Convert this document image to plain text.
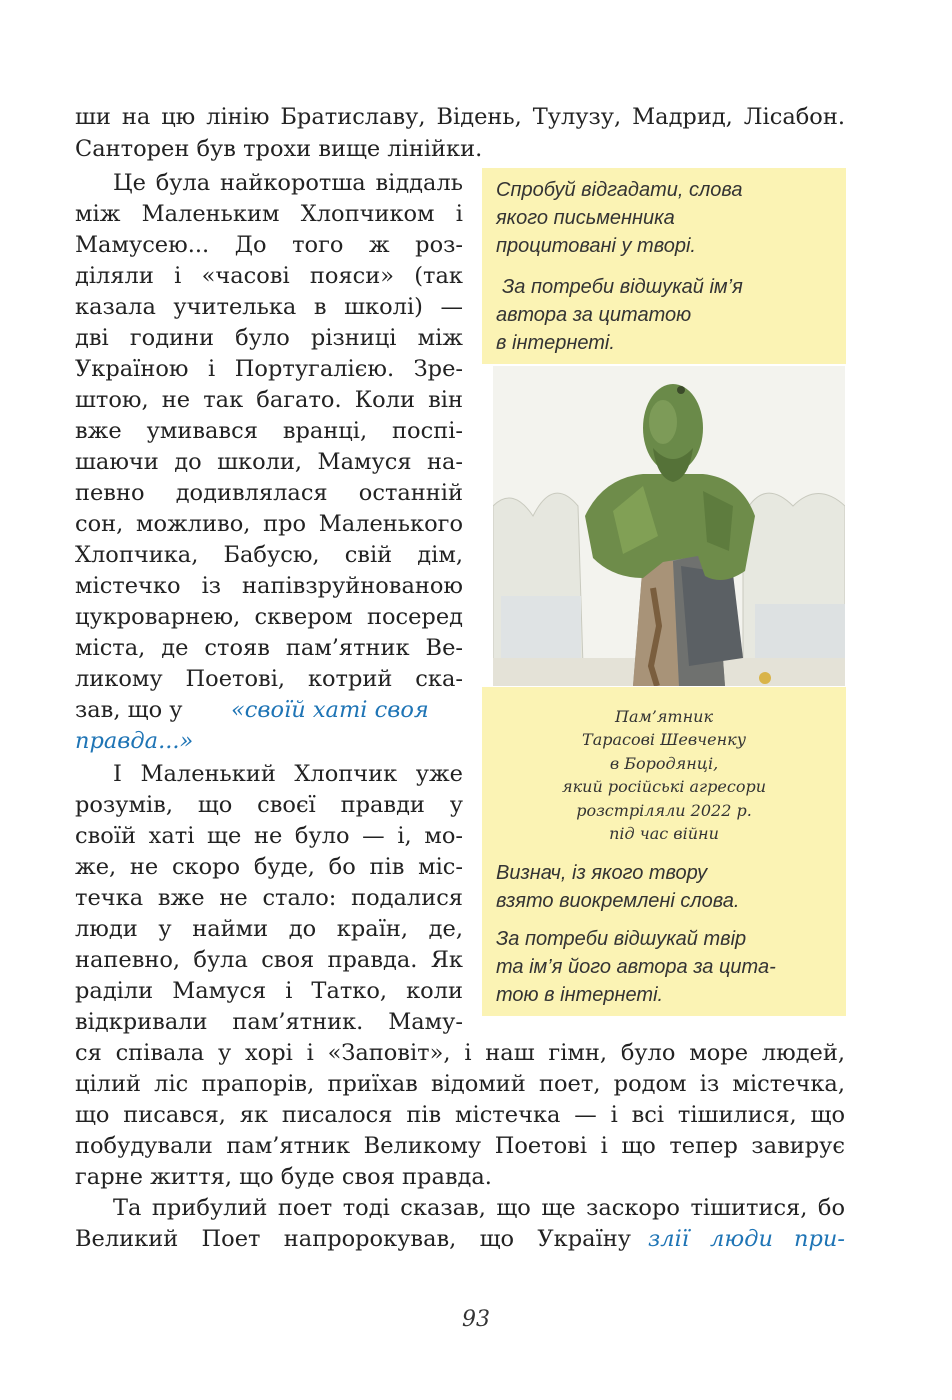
ши на цю лінію Братиславу, Відень, Тулузу, Мадрид, Лісабон.
Санторен був трохи вище лінійки.
Це була найкоротша віддаль
між Маленьким Хлопчиком і
Мамусею... До того ж роз-
діляли і «часові пояси» (так
казала учителька в школі) —
дві години було різниці між
Україною і Португалією. Зре-
штою, не так багато. Коли він
вже умивався вранці, поспі-
шаючи до школи, Мамуся на-
певно додивлялася останній
сон, можливо, про Маленького
Хлопчика, Бабусю, свій дім,
містечко із напівзруйнованою
цукроварнею, сквером посеред
міста, де стояв пам’ятник Ве-
ликому Поетові, котрий ска-
зав, що у «своїй хаті своя
правда...»
І Маленький Хлопчик уже
розумів, що своєї правди у
своїй хаті ще не було — і, мо-
же, не скоро буде, бо пів міс-
течка вже не стало: подалися
люди у найми до країн, де,
напевно, була своя правда. Як
раділи Мамуся і Татко, коли
відкривали пам’ятник. Маму-
Спробуй відгадати, слова
якого письменника
процитовані у творі.
За потреби відшукай ім’я
автора за цитатою
в інтернеті.
Пам’ятник
Тарасові Шевченку
в Бородянці,
який російські агресори
розстріляли 2022 р.
під час війни
Визнач, із якого твору
взято виокремлені слова.
За потреби відшукай твір
та ім’я його автора за цита-
тою в інтернеті.
ся співала у хорі і «Заповіт», і наш гімн, було море людей,
цілий ліс прапорів, приїхав відомий поет, родом із містечка,
що писався, як писалося пів містечка — і всі тішилися, що
побудували пам’ятник Великому Поетові і що тепер завирує
гарне життя, що буде своя правда.
Та прибулий поет тоді сказав, що ще заскоро тішитися, бо
Великий Поет напророкував, що Україну злії люди при-
93
